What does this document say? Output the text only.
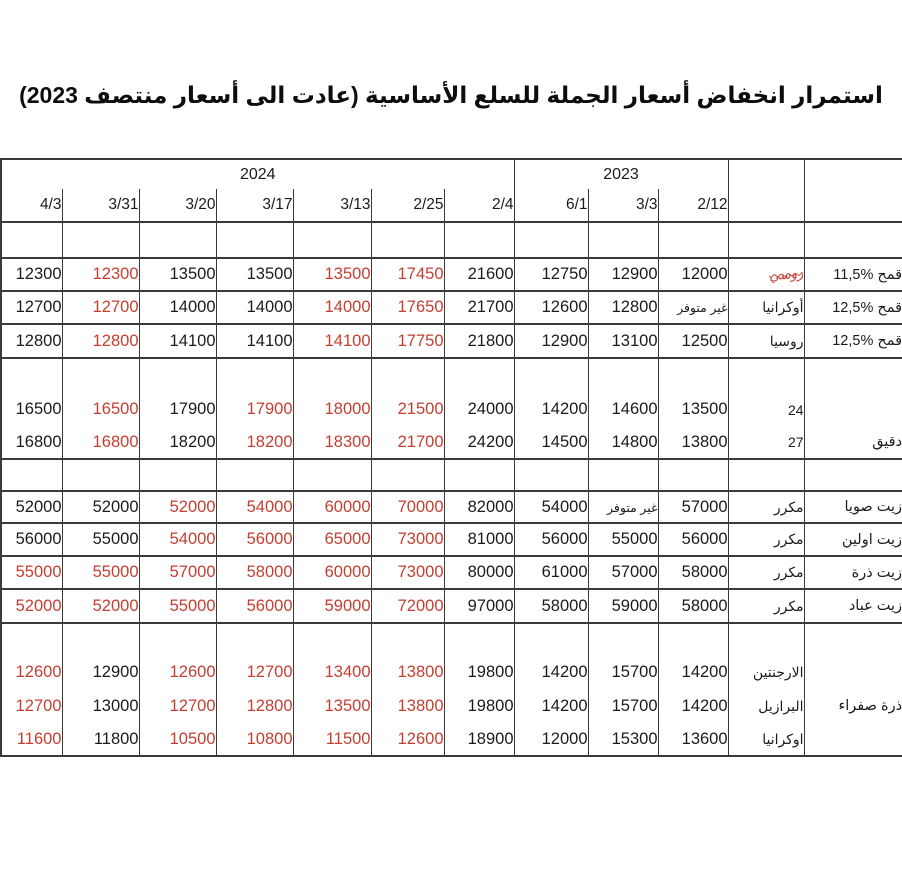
استمرار انخفاض أسعار الجملة للسلع الأساسية (عادت الى أسعار منتصف 2023)
2024							2023				
4/3	3/31	3/20	3/17	3/13	2/25	2/4	6/1	3/3	2/12		

12300	12300	13500	13500	13500	17450	21600	12750	12900	12000	روسي	قمح %11,5
12700	12700	14000	14000	14000	17650	21700	12600	12800	غير متوفر	أوكرانيا	قمح %12,5
12800	12800	14100	14100	14100	17750	21800	12900	13100	12500	روسيا	قمح %12,5

16500	16500	17900	17900	18000	21500	24000	14200	14600	13500	24	
16800	16800	18200	18200	18300	21700	24200	14500	14800	13800	27	دقيق

52000	52000	52000	54000	60000	70000	82000	54000	غير متوفر	57000	مكرر	زيت صويا
56000	55000	54000	56000	65000	73000	81000	56000	55000	56000	مكرر	زيت اولين
55000	55000	57000	58000	60000	73000	80000	61000	57000	58000	مكرر	زيت ذرة
52000	52000	55000	56000	59000	72000	97000	58000	59000	58000	مكرر	زيت عباد

12600	12900	12600	12700	13400	13800	19800	14200	15700	14200	الارجنتين	
12700	13000	12700	12800	13500	13800	19800	14200	15700	14200	البرازيل	ذرة صفراء
11600	11800	10500	10800	11500	12600	18900	12000	15300	13600	اوكرانيا	
